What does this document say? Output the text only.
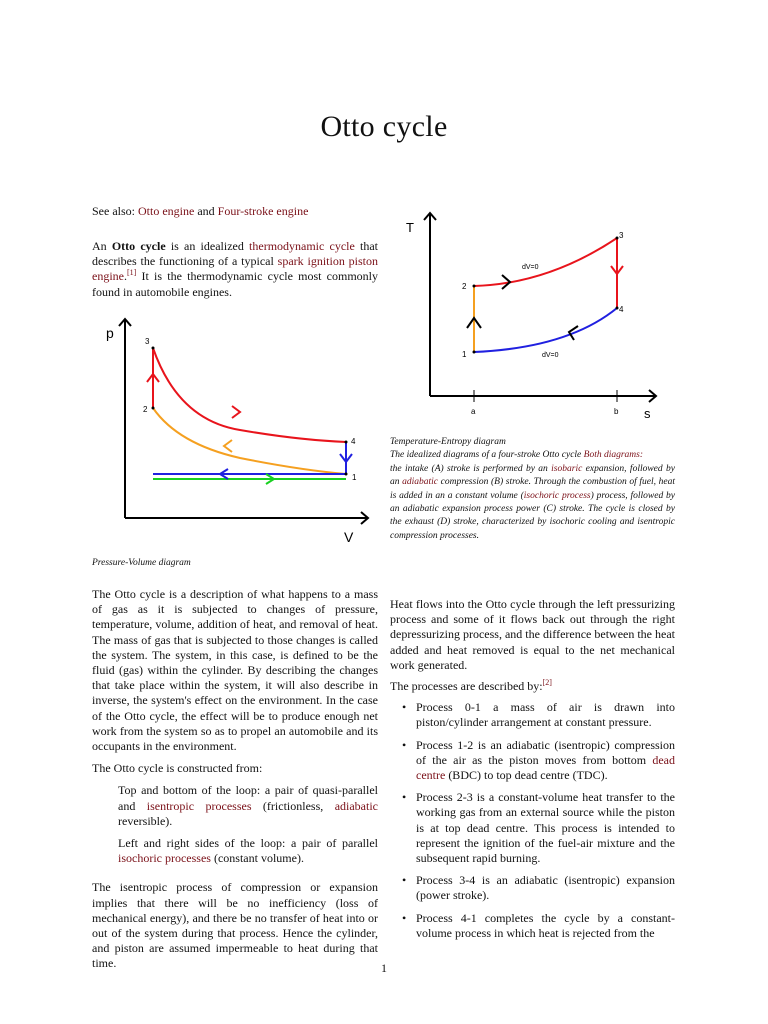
Otto cycle
See also: Otto engine and Four-stroke engine

An Otto cycle is an idealized thermodynamic cycle that describes the functioning of a typical spark ignition piston engine.[1] It is the thermodynamic cycle most commonly found in automobile engines.

p
V
3
2
4
1
Pressure-Volume diagram
T
s
a	b
1
2
3
4
dV=0
dV=0
Temperature-Entropy diagram
The idealized diagrams of a four-stroke Otto cycle Both diagrams:
the intake (A) stroke is performed by an isobaric expansion, followed by an adiabatic compression (B) stroke. Through the combustion of fuel, heat is added in an a constant volume (isochoric process) process, followed by an adiabatic expansion process power (C) stroke. The cycle is closed by the exhaust (D) stroke, characterized by isochoric cooling and isentropic compression processes.

The Otto cycle is a description of what happens to a mass of gas as it is subjected to changes of pressure, temperature, volume, addition of heat, and removal of heat. The mass of gas that is subjected to those changes is called the system. The system, in this case, is defined to be the fluid (gas) within the cylinder. By describing the changes that take place within the system, it will also describe in inverse, the system's effect on the environment. In the case of the Otto cycle, the effect will be to produce enough net work from the system so as to propel an automobile and its occupants in the environment.

The Otto cycle is constructed from:

Top and bottom of the loop: a pair of quasi-parallel and isentropic processes (frictionless, adiabatic reversible).

Left and right sides of the loop: a pair of parallel isochoric processes (constant volume).

The isentropic process of compression or expansion implies that there will be no inefficiency (loss of mechanical energy), and there be no transfer of heat into or out of the system during that process. Hence the cylinder, and piston are assumed impermeable to heat during that time.

Heat flows into the Otto cycle through the left pressurizing process and some of it flows back out through the right depressurizing process, and the difference between the heat added and heat removed is equal to the net mechanical work generated.

The processes are described by:[2]

• Process 0-1 a mass of air is drawn into piston/cylinder arrangement at constant pressure.
• Process 1-2 is an adiabatic (isentropic) compression of the air as the piston moves from bottom dead centre (BDC) to top dead centre (TDC).
• Process 2-3 is a constant-volume heat transfer to the working gas from an external source while the piston is at top dead centre. This process is intended to represent the ignition of the fuel-air mixture and the subsequent rapid burning.
• Process 3-4 is an adiabatic (isentropic) expansion (power stroke).
• Process 4-1 completes the cycle by a constant-volume process in which heat is rejected from the
1
